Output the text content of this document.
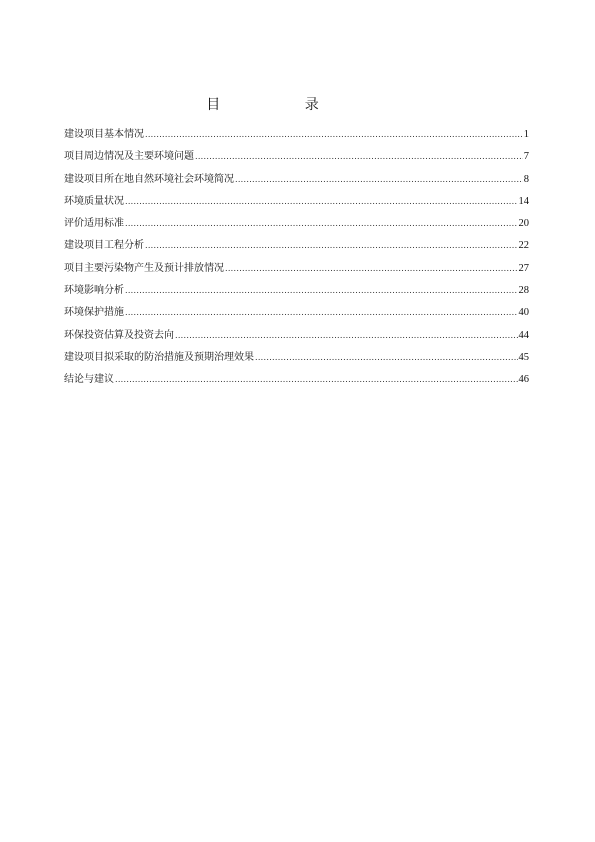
目 录
建设项目基本情况 .....	1
项目周边情况及主要环境问题 .....	7
建设项目所在地自然环境社会环境简况 .....	8
环境质量状况 .....	14
评价适用标准 .....	20
建设项目工程分析 .....	22
项目主要污染物产生及预计排放情况 .....	27
环境影响分析 .....	28
环境保护措施 .....	40
环保投资估算及投资去向 .....	44
建设项目拟采取的防治措施及预期治理效果 .....	45
结论与建议 .....	46
